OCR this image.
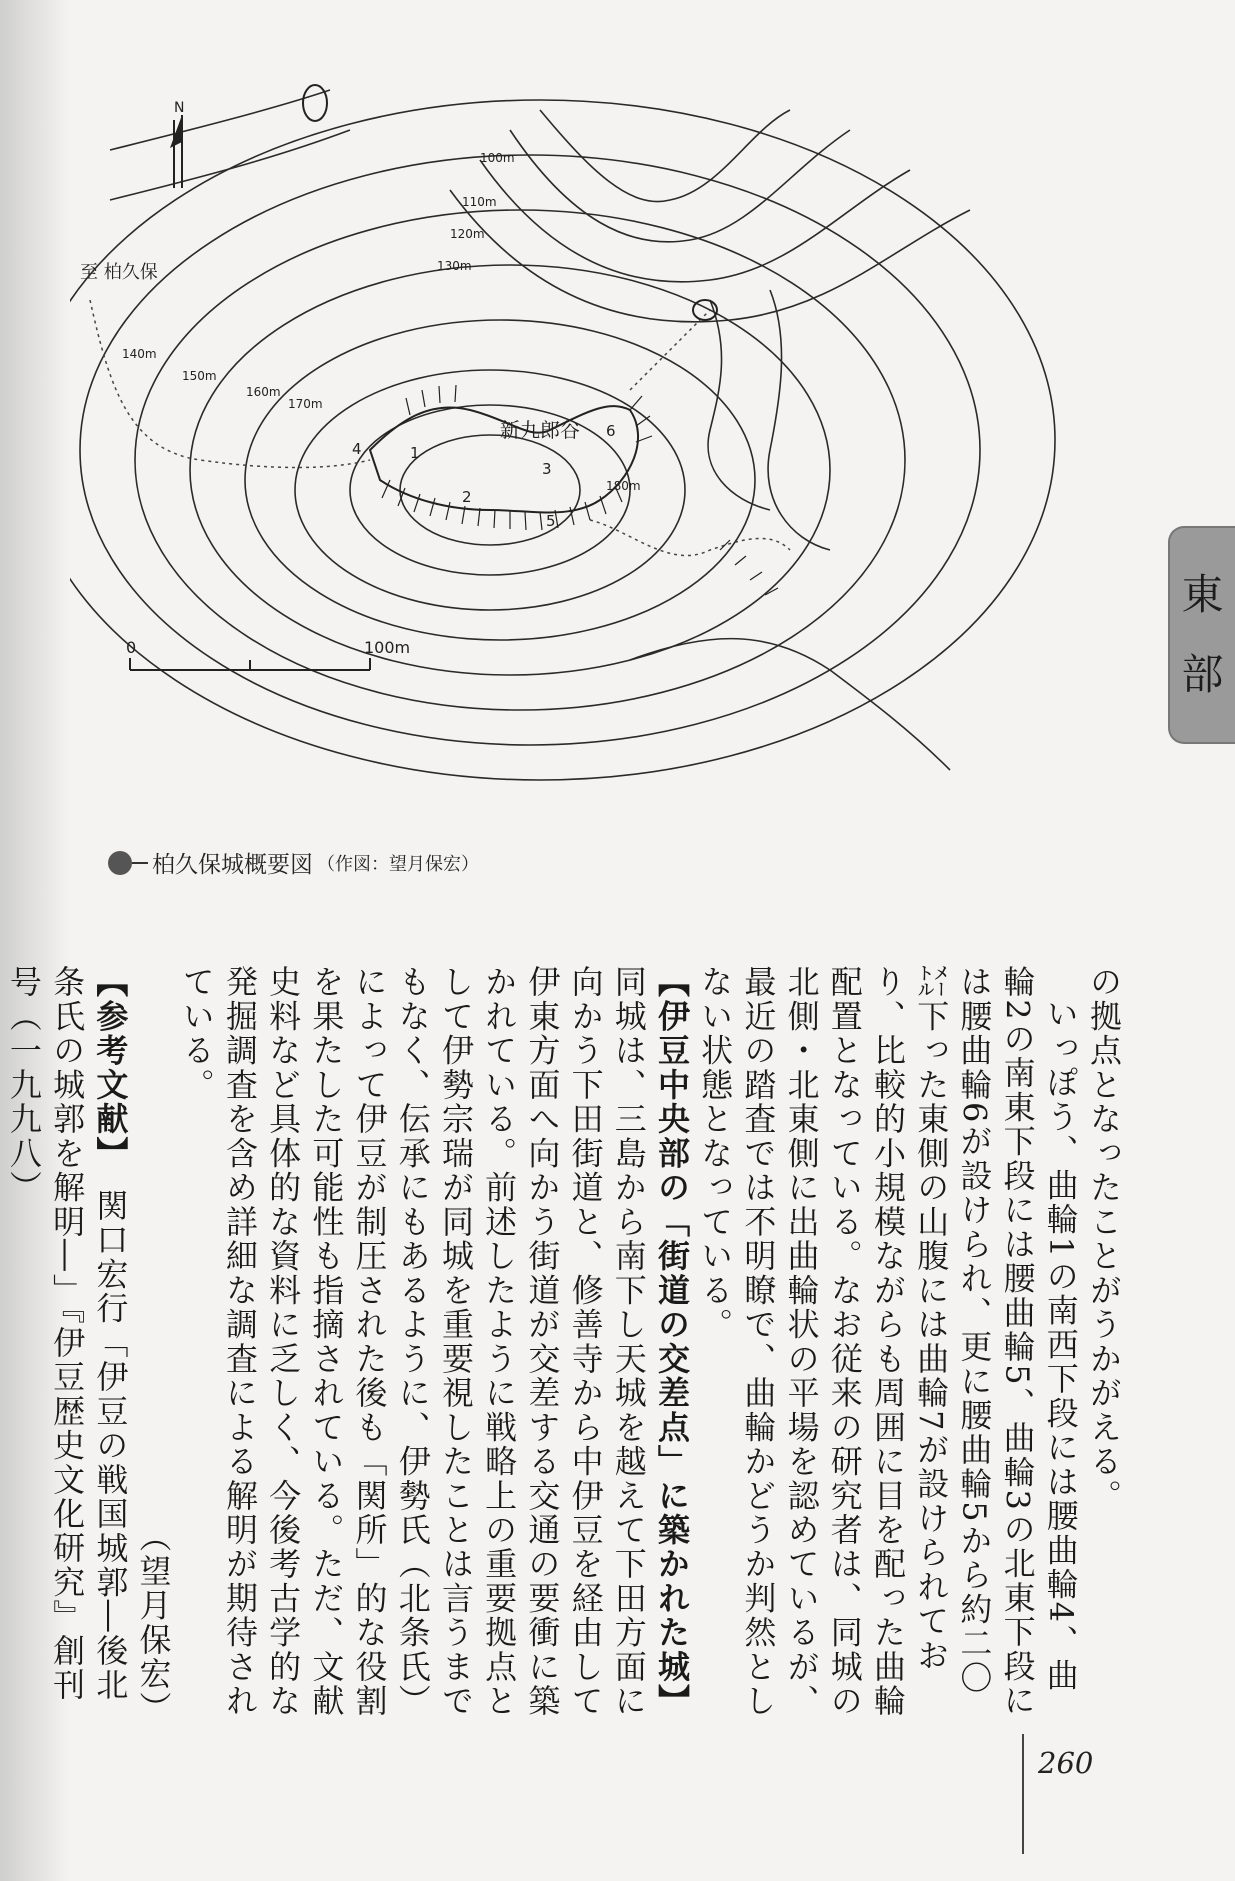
N
0	100m
至 柏久保
新九郎谷
100m
110m
120m
130m
140m
150m
160m
170m
180m
1
2
3
4
5
6
柏久保城概要図 （作図：望月保宏）
東
部

の拠点となったことがうかがえる。

いっぽう、曲輪1の南西下段には腰曲輪4、曲輪2の南東下段には腰曲輪5、曲輪3の北東下段には腰曲輪6が設けられ、更に腰曲輪5から約二〇㍍下った東側の山腹には曲輪7が設けられており、比較的小規模ながらも周囲に目を配った曲輪配置となっている。なお従来の研究者は、同城の北側・北東側に出曲輪状の平場を認めているが、最近の踏査では不明瞭で、曲輪かどうか判然としない状態となっている。

【伊豆中央部の「街道の交差点」に築かれた城】　同城は、三島から南下し天城を越えて下田方面に向かう下田街道と、修善寺から中伊豆を経由して伊東方面へ向かう街道が交差する交通の要衝に築かれている。前述したように戦略上の重要拠点として伊勢宗瑞が同城を重要視したことは言うまでもなく、伝承にもあるように、伊勢氏（北条氏）によって伊豆が制圧された後も「関所」的な役割を果たした可能性も指摘されている。ただ、文献史料など具体的な資料に乏しく、今後考古学的な発掘調査を含め詳細な調査による解明が期待されている。
（望月保宏）

【参考文献】　関口宏行「伊豆の戦国城郭―後北条氏の城郭を解明―」『伊豆歴史文化研究』創刊号（一九九八）

260
